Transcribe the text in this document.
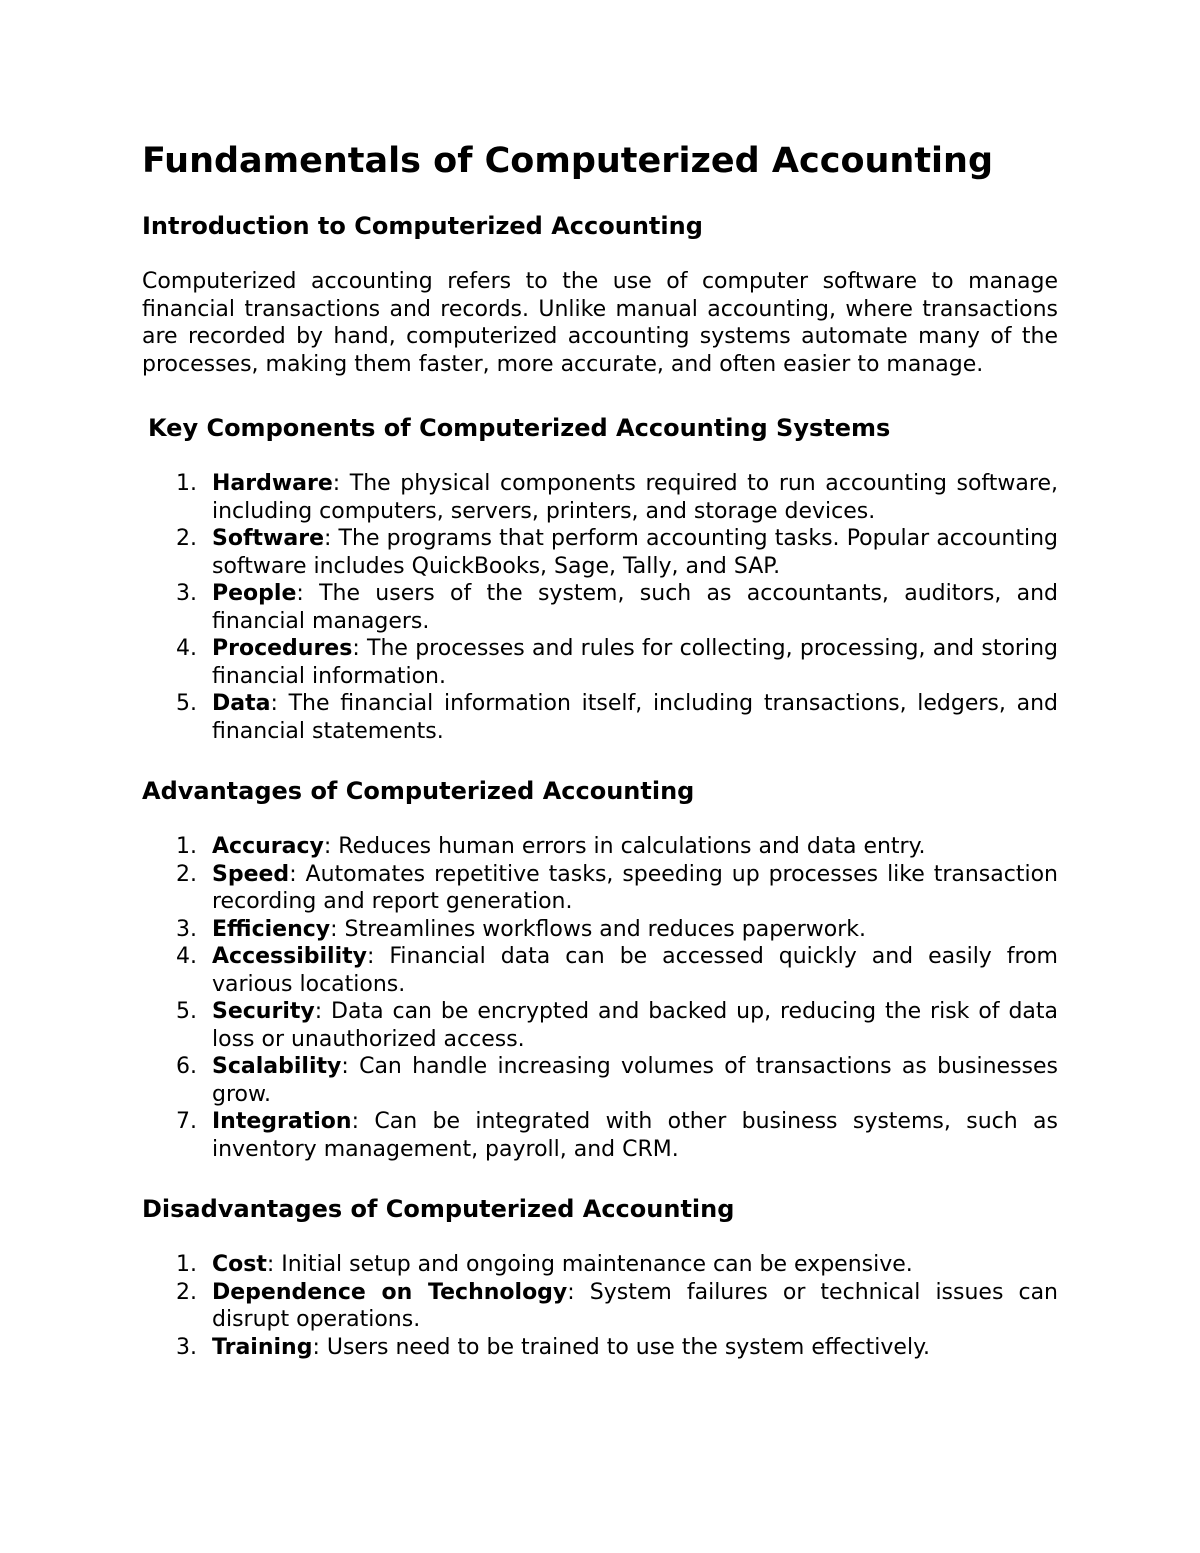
Fundamentals of Computerized Accounting
Introduction to Computerized Accounting

Computerized accounting refers to the use of computer software to manage financial transactions and records. Unlike manual accounting, where transactions are recorded by hand, computerized accounting systems automate many of the processes, making them faster, more accurate, and often easier to manage.

Key Components of Computerized Accounting Systems
1. Hardware: The physical components required to run accounting software, including computers, servers, printers, and storage devices.
2. Software: The programs that perform accounting tasks. Popular accounting software includes QuickBooks, Sage, Tally, and SAP.
3. People: The users of the system, such as accountants, auditors, and financial managers.
4. Procedures: The processes and rules for collecting, processing, and storing financial information.
5. Data: The financial information itself, including transactions, ledgers, and financial statements.
Advantages of Computerized Accounting
1. Accuracy: Reduces human errors in calculations and data entry.
2. Speed: Automates repetitive tasks, speeding up processes like transaction recording and report generation.
3. Efficiency: Streamlines workflows and reduces paperwork.
4. Accessibility: Financial data can be accessed quickly and easily from various locations.
5. Security: Data can be encrypted and backed up, reducing the risk of data loss or unauthorized access.
6. Scalability: Can handle increasing volumes of transactions as businesses grow.
7. Integration: Can be integrated with other business systems, such as inventory management, payroll, and CRM.
Disadvantages of Computerized Accounting
1. Cost: Initial setup and ongoing maintenance can be expensive.
2. Dependence on Technology: System failures or technical issues can disrupt operations.
3. Training: Users need to be trained to use the system effectively.
